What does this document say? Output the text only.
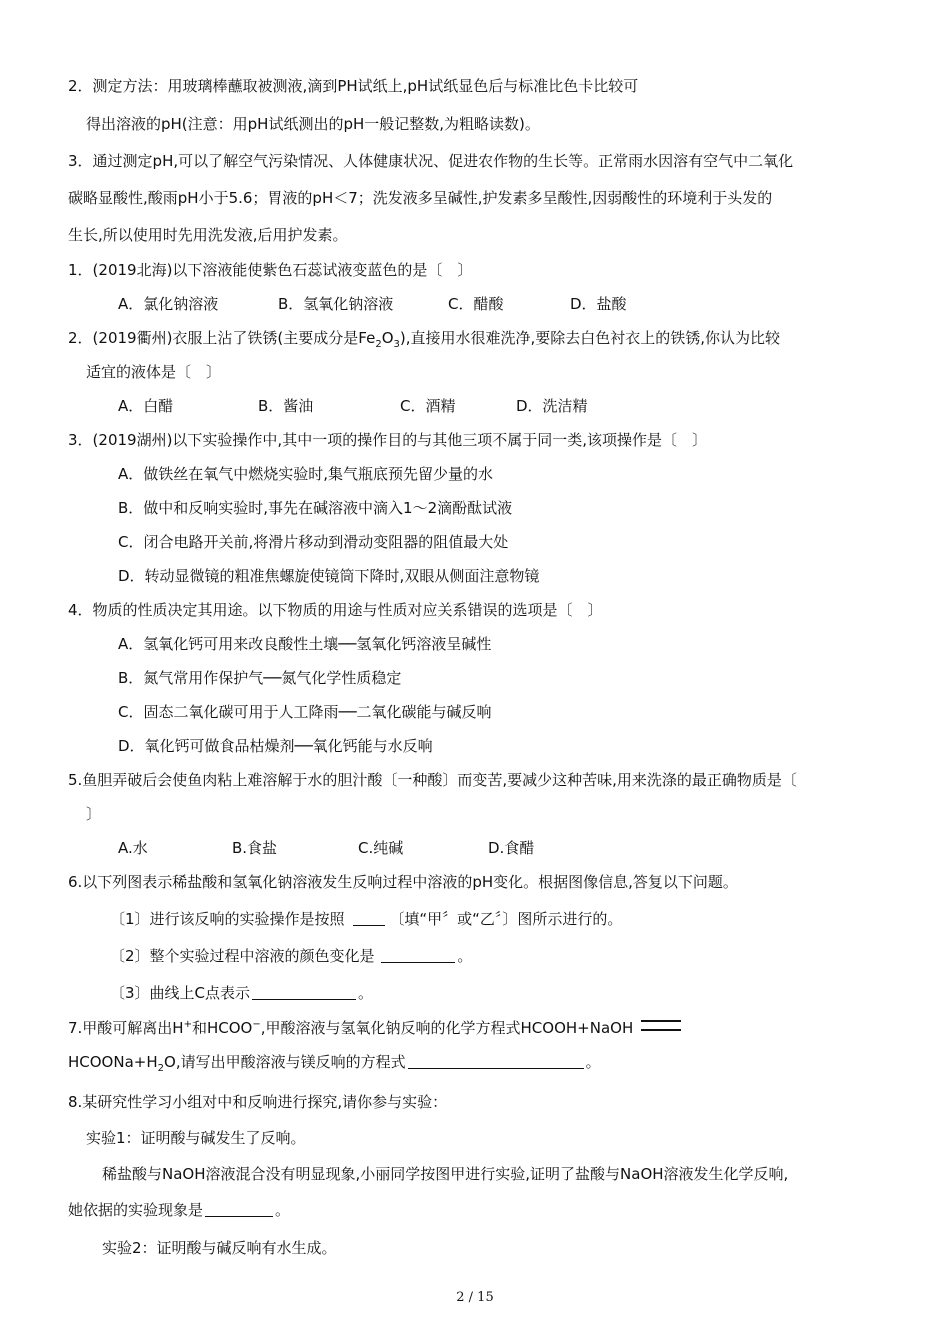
2．测定方法：用玻璃棒蘸取被测液,滴到PH试纸上,pH试纸显色后与标准比色卡比较可
得出溶液的pH(注意：用pH试纸测出的pH一般记整数,为粗略读数)。
3．通过测定pH,可以了解空气污染情况、人体健康状况、促进农作物的生长等。正常雨水因溶有空气中二氧化
碳略显酸性,酸雨pH小于5.6；胃液的pH＜7；洗发液多呈碱性,护发素多呈酸性,因弱酸性的环境利于头发的
生长,所以使用时先用洗发液,后用护发素。
1．(2019北海)以下溶液能使紫色石蕊试液变蓝色的是〔　〕
A．氯化钠溶液	B．氢氧化钠溶液	C．醋酸	D．盐酸
2．(2019衢州)衣服上沾了铁锈(主要成分是$Fe_2O_3$),直接用水很难洗净,要除去白色衬衣上的铁锈,你认为比较
适宜的液体是〔　〕
A．白醋	B．酱油	C．酒精	D．洗洁精
3．(2019湖州)以下实验操作中,其中一项的操作目的与其他三项不属于同一类,该项操作是〔　〕
A．做铁丝在氧气中燃烧实验时,集气瓶底预先留少量的水
B．做中和反响实验时,事先在碱溶液中滴入1～2滴酚酞试液
C．闭合电路开关前,将滑片移动到滑动变阻器的阻值最大处
D．转动显微镜的粗准焦螺旋使镜筒下降时,双眼从侧面注意物镜
4．物质的性质决定其用途。以下物质的用途与性质对应关系错误的选项是〔　〕
A．氢氧化钙可用来改良酸性土壤──氢氧化钙溶液呈碱性
B．氮气常用作保护气──氮气化学性质稳定
C．固态二氧化碳可用于人工降雨──二氧化碳能与碱反响
D．氧化钙可做食品枯燥剂──氧化钙能与水反响
5.鱼胆弄破后会使鱼肉粘上难溶解于水的胆汁酸〔一种酸〕而变苦,要减少这种苦味,用来洗涤的最正确物质是〔
〕
A.水	B.食盐	C.纯碱	D.食醋
6.以下列图表示稀盐酸和氢氧化钠溶液发生反响过程中溶液的pH变化。根据图像信息,答复以下问题。
〔1〕进行该反响的实验操作是按照	〔填“甲〞或“乙〞〕图所示进行的。
〔2〕整个实验过程中溶液的颜色变化是	。
〔3〕曲线上C点表示	。
7.甲酸可解离出H+和HCOO−,甲酸溶液与氢氧化钠反响的化学方程式HCOOH+NaOH
$HCOONa+H_2O$,请写出甲酸溶液与镁反响的方程式	。
8.某研究性学习小组对中和反响进行探究,请你参与实验：
实验1：证明酸与碱发生了反响。
稀盐酸与NaOH溶液混合没有明显现象,小丽同学按图甲进行实验,证明了盐酸与NaOH溶液发生化学反响,
她依据的实验现象是	。
实验2：证明酸与碱反响有水生成。
2 / 15
